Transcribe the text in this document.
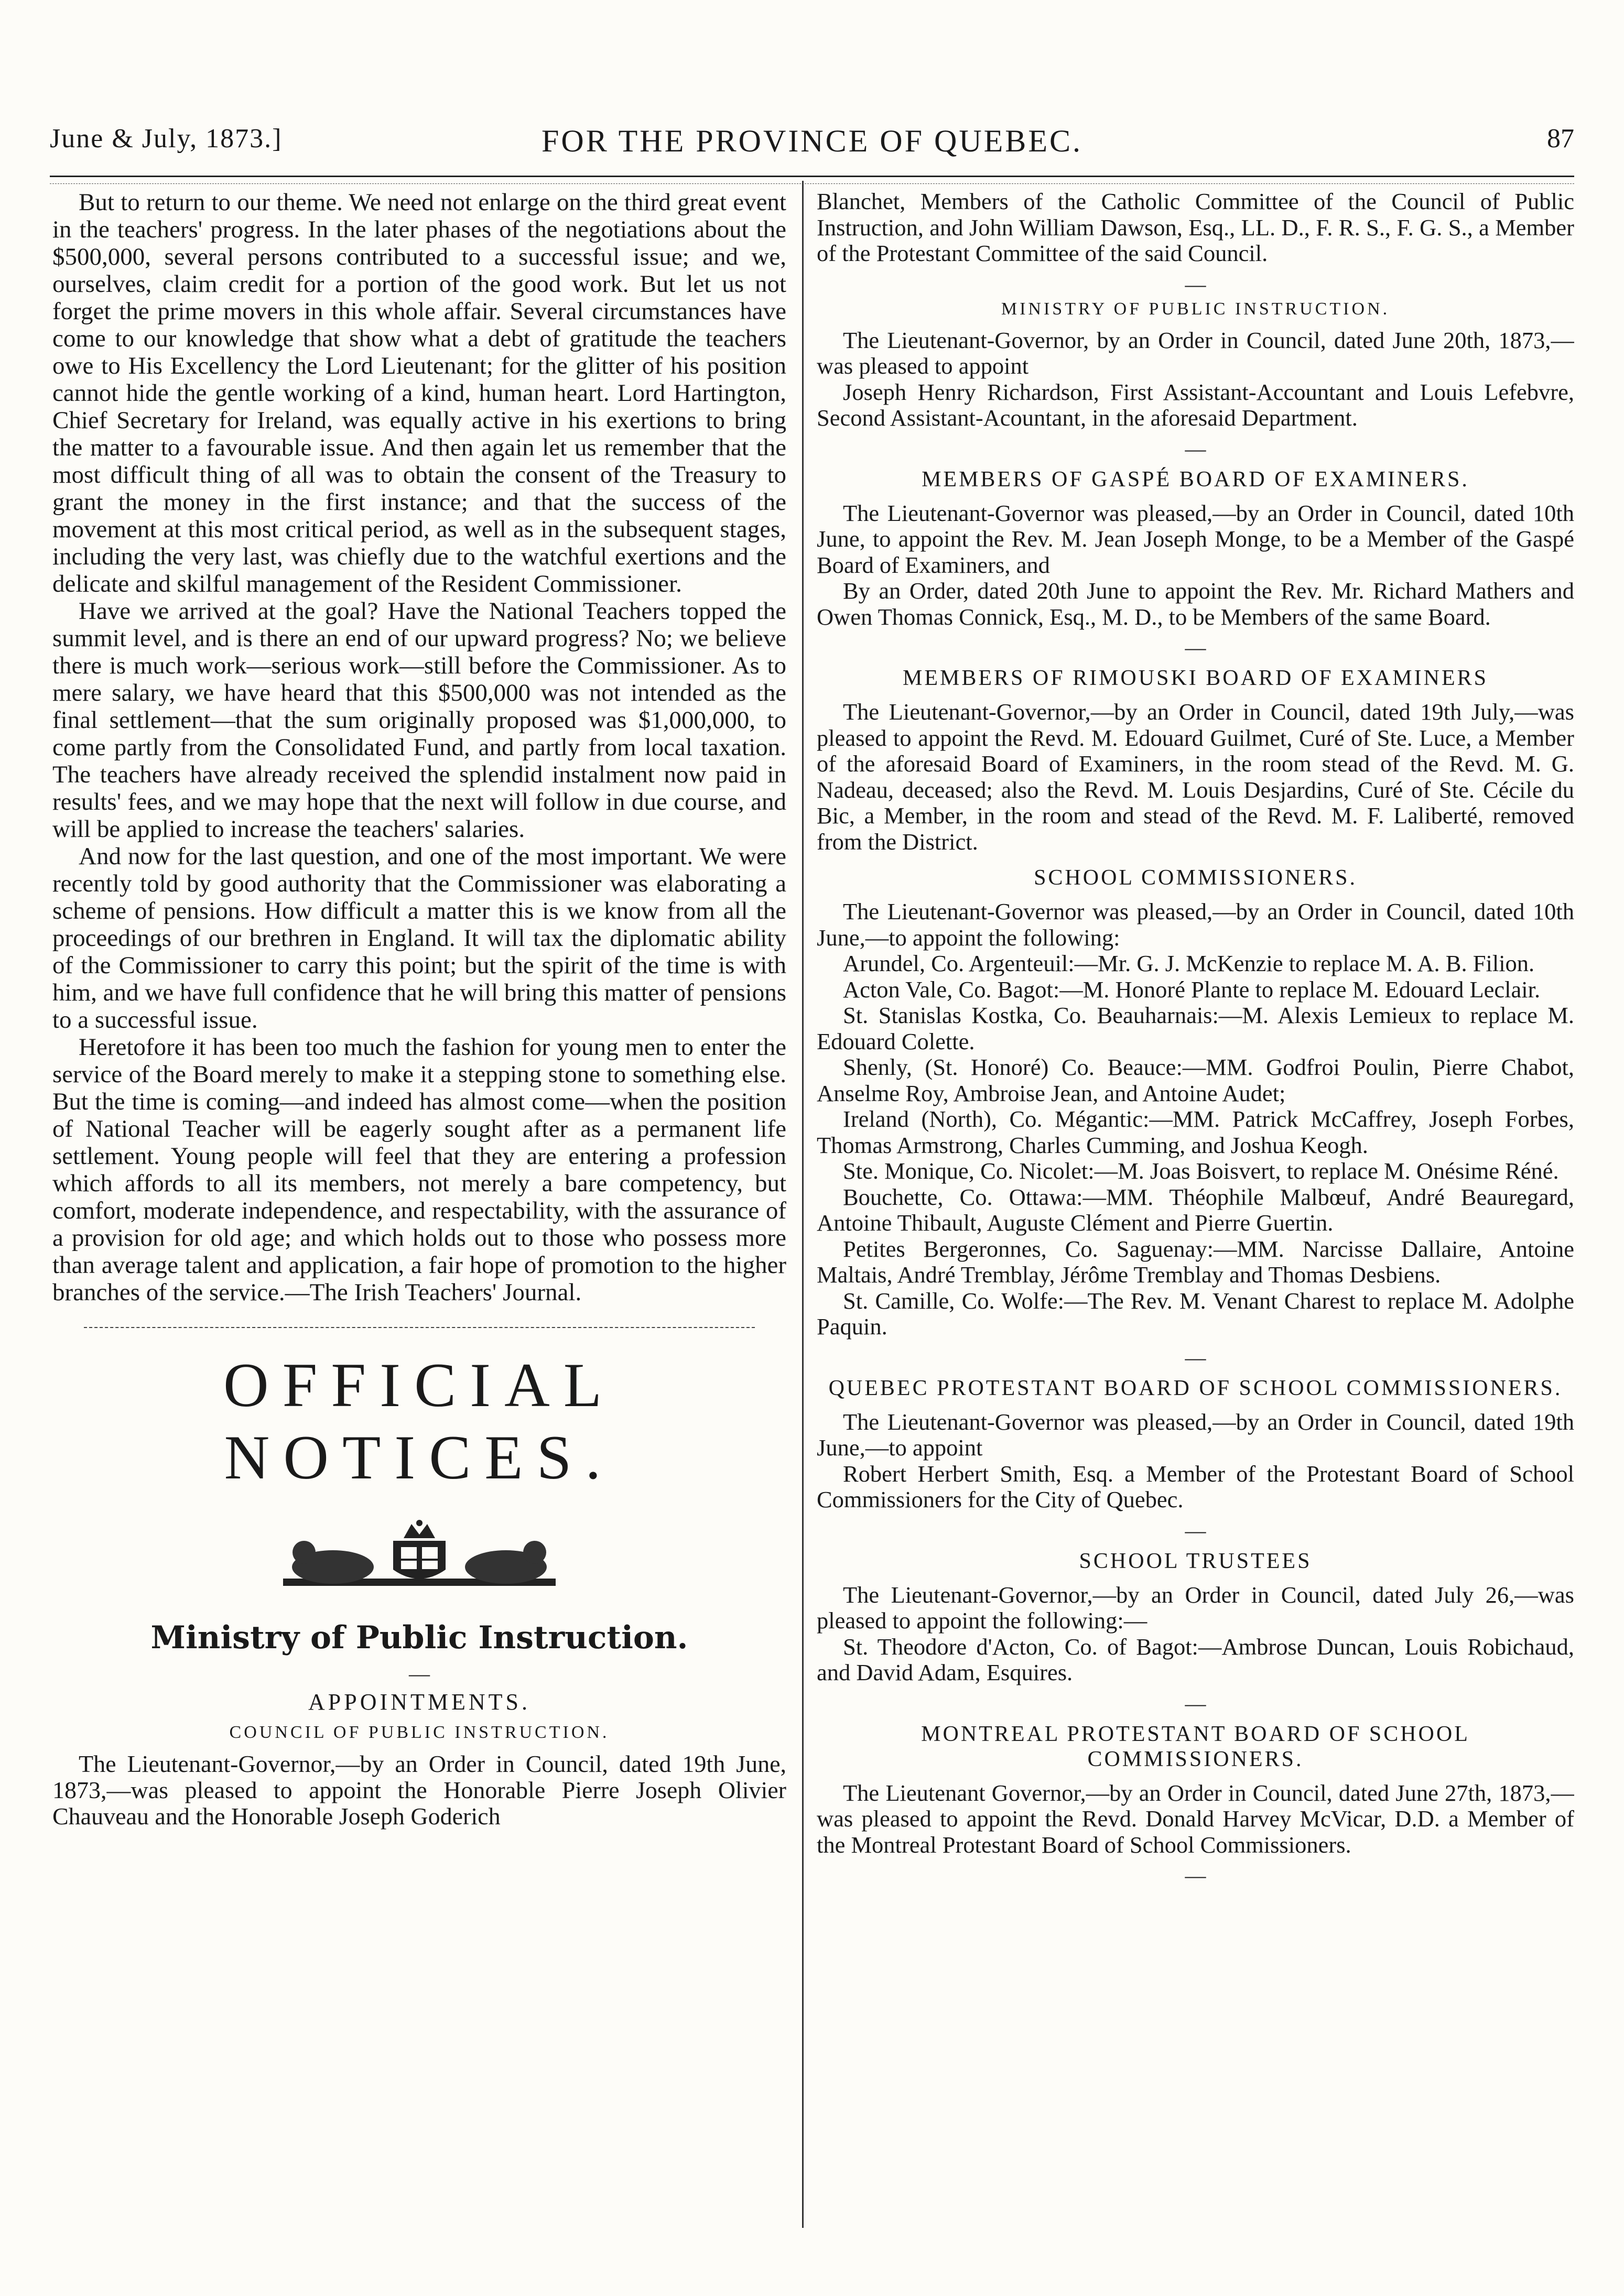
June & July, 1873.]	FOR THE PROVINCE OF QUEBEC.	87

But to return to our theme. We need not enlarge on the third great event in the teachers' progress. In the later phases of the negotiations about the $500,000, several persons contributed to a successful issue; and we, ourselves, claim credit for a portion of the good work. But let us not forget the prime movers in this whole affair. Several circumstances have come to our knowledge that show what a debt of gratitude the teachers owe to His Excellency the Lord Lieutenant; for the glitter of his position cannot hide the gentle working of a kind, human heart. Lord Hartington, Chief Secretary for Ireland, was equally active in his exertions to bring the matter to a favourable issue. And then again let us remember that the most difficult thing of all was to obtain the consent of the Treasury to grant the money in the first instance; and that the success of the movement at this most critical period, as well as in the subsequent stages, including the very last, was chiefly due to the watchful exertions and the delicate and skilful management of the Resident Commissioner.

Have we arrived at the goal? Have the National Teachers topped the summit level, and is there an end of our upward progress? No; we believe there is much work—serious work—still before the Commissioner. As to mere salary, we have heard that this $500,000 was not intended as the final settlement—that the sum originally proposed was $1,000,000, to come partly from the Consolidated Fund, and partly from local taxation. The teachers have already received the splendid instalment now paid in results' fees, and we may hope that the next will follow in due course, and will be applied to increase the teachers' salaries.

And now for the last question, and one of the most important. We were recently told by good authority that the Commissioner was elaborating a scheme of pensions. How difficult a matter this is we know from all the proceedings of our brethren in England. It will tax the diplomatic ability of the Commissioner to carry this point; but the spirit of the time is with him, and we have full confidence that he will bring this matter of pensions to a successful issue.

Heretofore it has been too much the fashion for young men to enter the service of the Board merely to make it a stepping stone to something else. But the time is coming—and indeed has almost come—when the position of National Teacher will be eagerly sought after as a permanent life settlement. Young people will feel that they are entering a profession which affords to all its members, not merely a bare competency, but comfort, moderate independence, and respectability, with the assurance of a provision for old age; and which holds out to those who possess more than average talent and application, a fair hope of promotion to the higher branches of the service.—The Irish Teachers' Journal.

OFFICIAL NOTICES.
Ministry of Public Instruction.
—
APPOINTMENTS.
COUNCIL OF PUBLIC INSTRUCTION.

The Lieutenant-Governor,—by an Order in Council, dated 19th June, 1873,—was pleased to appoint the Honorable Pierre Joseph Olivier Chauveau and the Honorable Joseph Goderich

Blanchet, Members of the Catholic Committee of the Council of Public Instruction, and John William Dawson, Esq., LL. D., F. R. S., F. G. S., a Member of the Protestant Committee of the said Council.

—
MINISTRY OF PUBLIC INSTRUCTION.

The Lieutenant-Governor, by an Order in Council, dated June 20th, 1873,—was pleased to appoint

Joseph Henry Richardson, First Assistant-Accountant and Louis Lefebvre, Second Assistant-Acountant, in the aforesaid Department.

—
MEMBERS OF GASPÉ BOARD OF EXAMINERS.

The Lieutenant-Governor was pleased,—by an Order in Council, dated 10th June, to appoint the Rev. M. Jean Joseph Monge, to be a Member of the Gaspé Board of Examiners, and

By an Order, dated 20th June to appoint the Rev. Mr. Richard Mathers and Owen Thomas Connick, Esq., M. D., to be Members of the same Board.

—
MEMBERS OF RIMOUSKI BOARD OF EXAMINERS

The Lieutenant-Governor,—by an Order in Council, dated 19th July,—was pleased to appoint the Revd. M. Edouard Guilmet, Curé of Ste. Luce, a Member of the aforesaid Board of Examiners, in the room stead of the Revd. M. G. Nadeau, deceased; also the Revd. M. Louis Desjardins, Curé of Ste. Cécile du Bic, a Member, in the room and stead of the Revd. M. F. Laliberté, removed from the District.

SCHOOL COMMISSIONERS.

The Lieutenant-Governor was pleased,—by an Order in Council, dated 10th June,—to appoint the following:

Arundel, Co. Argenteuil:—Mr. G. J. McKenzie to replace M. A. B. Filion.

Acton Vale, Co. Bagot:—M. Honoré Plante to replace M. Edouard Leclair.

St. Stanislas Kostka, Co. Beauharnais:—M. Alexis Lemieux to replace M. Edouard Colette.

Shenly, (St. Honoré) Co. Beauce:—MM. Godfroi Poulin, Pierre Chabot, Anselme Roy, Ambroise Jean, and Antoine Audet;

Ireland (North), Co. Mégantic:—MM. Patrick McCaffrey, Joseph Forbes, Thomas Armstrong, Charles Cumming, and Joshua Keogh.

Ste. Monique, Co. Nicolet:—M. Joas Boisvert, to replace M. Onésime Réné.

Bouchette, Co. Ottawa:—MM. Théophile Malbœuf, André Beauregard, Antoine Thibault, Auguste Clément and Pierre Guertin.

Petites Bergeronnes, Co. Saguenay:—MM. Narcisse Dallaire, Antoine Maltais, André Tremblay, Jérôme Tremblay and Thomas Desbiens.

St. Camille, Co. Wolfe:—The Rev. M. Venant Charest to replace M. Adolphe Paquin.

—
QUEBEC PROTESTANT BOARD OF SCHOOL COMMISSIONERS.

The Lieutenant-Governor was pleased,—by an Order in Council, dated 19th June,—to appoint

Robert Herbert Smith, Esq. a Member of the Protestant Board of School Commissioners for the City of Quebec.

—
SCHOOL TRUSTEES

The Lieutenant-Governor,—by an Order in Council, dated July 26,—was pleased to appoint the following:—

St. Theodore d'Acton, Co. of Bagot:—Ambrose Duncan, Louis Robichaud, and David Adam, Esquires.

—
MONTREAL PROTESTANT BOARD OF SCHOOL COMMISSIONERS.

The Lieutenant Governor,—by an Order in Council, dated June 27th, 1873,—was pleased to appoint the Revd. Donald Harvey McVicar, D.D. a Member of the Montreal Protestant Board of School Commissioners.

—
